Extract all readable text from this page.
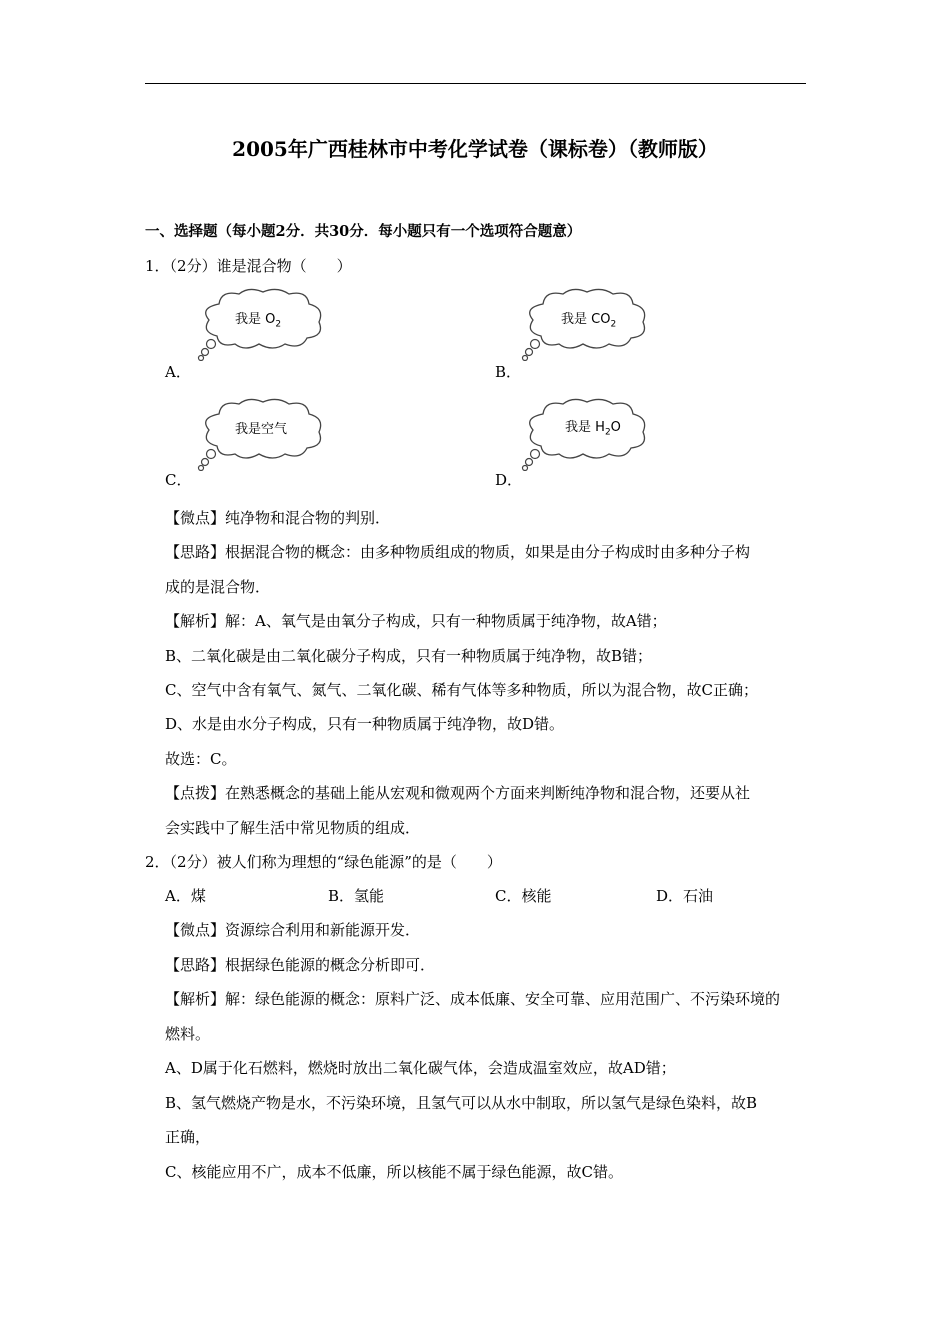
2005年广西桂林市中考化学试卷（课标卷）（教师版）
一、选择题（每小题2分．共30分．每小题只有一个选项符合题意）
1．（2分）谁是混合物（　　）
我是 $O_2$
A．
我是 $CO_2$
B．
我是空气
C．
我是 $H_2O$
D．
【微点】纯净物和混合物的判别．
【思路】根据混合物的概念：由多种物质组成的物质，如果是由分子构成时由多种分子构
成的是混合物．
【解析】解：A、氧气是由氧分子构成，只有一种物质属于纯净物，故A错；
B、二氧化碳是由二氧化碳分子构成，只有一种物质属于纯净物，故B错；
C、空气中含有氧气、氮气、二氧化碳、稀有气体等多种物质，所以为混合物，故C正确；
D、水是由水分子构成，只有一种物质属于纯净物，故D错。
故选：C。
【点拨】在熟悉概念的基础上能从宏观和微观两个方面来判断纯净物和混合物，还要从社
会实践中了解生活中常见物质的组成．
2．（2分）被人们称为理想的“绿色能源”的是（　　）
A．煤	B．氢能	C．核能	D．石油
【微点】资源综合利用和新能源开发．
【思路】根据绿色能源的概念分析即可．
【解析】解：绿色能源的概念：原料广泛、成本低廉、安全可靠、应用范围广、不污染环境的
燃料。
A、D属于化石燃料，燃烧时放出二氧化碳气体，会造成温室效应，故AD错；
B、氢气燃烧产物是水，不污染环境，且氢气可以从水中制取，所以氢气是绿色染料，故B
正确，
C、核能应用不广，成本不低廉，所以核能不属于绿色能源，故C错。
